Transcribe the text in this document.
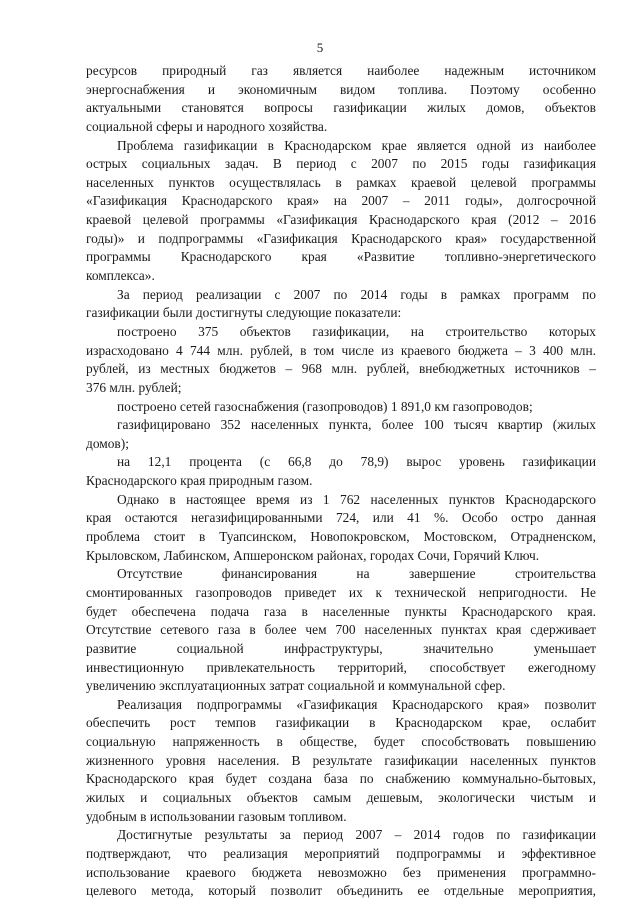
5
ресурсов природный газ является наиболее надежным источником
энергоснабжения и экономичным видом топлива. Поэтому особенно
актуальными становятся вопросы газификации жилых домов, объектов
социальной сферы и народного хозяйства.
Проблема газификации в Краснодарском крае является одной из наиболее
острых социальных задач. В период с 2007 по 2015 годы газификация
населенных пунктов осуществлялась в рамках краевой целевой программы
«Газификация Краснодарского края» на 2007 – 2011 годы», долгосрочной
краевой целевой программы «Газификация Краснодарского края (2012 – 2016
годы)» и подпрограммы «Газификация Краснодарского края» государственной
программы Краснодарского края «Развитие топливно-энергетического
комплекса».
За период реализации с 2007 по 2014 годы в рамках программ по
газификации были достигнуты следующие показатели:
построено 375 объектов газификации, на строительство которых
израсходовано 4 744 млн. рублей, в том числе из краевого бюджета – 3 400 млн.
рублей, из местных бюджетов – 968 млн. рублей, внебюджетных источников –
376 млн. рублей;
построено сетей газоснабжения (газопроводов) 1 891,0 км газопроводов;
газифицировано 352 населенных пункта, более 100 тысяч квартир (жилых
домов);
на 12,1 процента (с 66,8 до 78,9) вырос уровень газификации
Краснодарского края природным газом.
Однако в настоящее время из 1 762 населенных пунктов Краснодарского
края остаются негазифицированными 724, или 41 %. Особо остро данная
проблема стоит в Туапсинском, Новопокровском, Мостовском, Отрадненском,
Крыловском, Лабинском, Апшеронском районах, городах Сочи, Горячий Ключ.
Отсутствие финансирования на завершение строительства
смонтированных газопроводов приведет их к технической непригодности. Не
будет обеспечена подача газа в населенные пункты Краснодарского края.
Отсутствие сетевого газа в более чем 700 населенных пунктах края сдерживает
развитие социальной инфраструктуры, значительно уменьшает
инвестиционную привлекательность территорий, способствует ежегодному
увеличению эксплуатационных затрат социальной и коммунальной сфер.
Реализация подпрограммы «Газификация Краснодарского края» позволит
обеспечить рост темпов газификации в Краснодарском крае, ослабит
социальную напряженность в обществе, будет способствовать повышению
жизненного уровня населения. В результате газификации населенных пунктов
Краснодарского края будет создана база по снабжению коммунально-бытовых,
жилых и социальных объектов самым дешевым, экологически чистым и
удобным в использовании газовым топливом.
Достигнутые результаты за период 2007 – 2014 годов по газификации
подтверждают, что реализация мероприятий подпрограммы и эффективное
использование краевого бюджета невозможно без применения программно-
целевого метода, который позволит объединить ее отдельные мероприятия,
